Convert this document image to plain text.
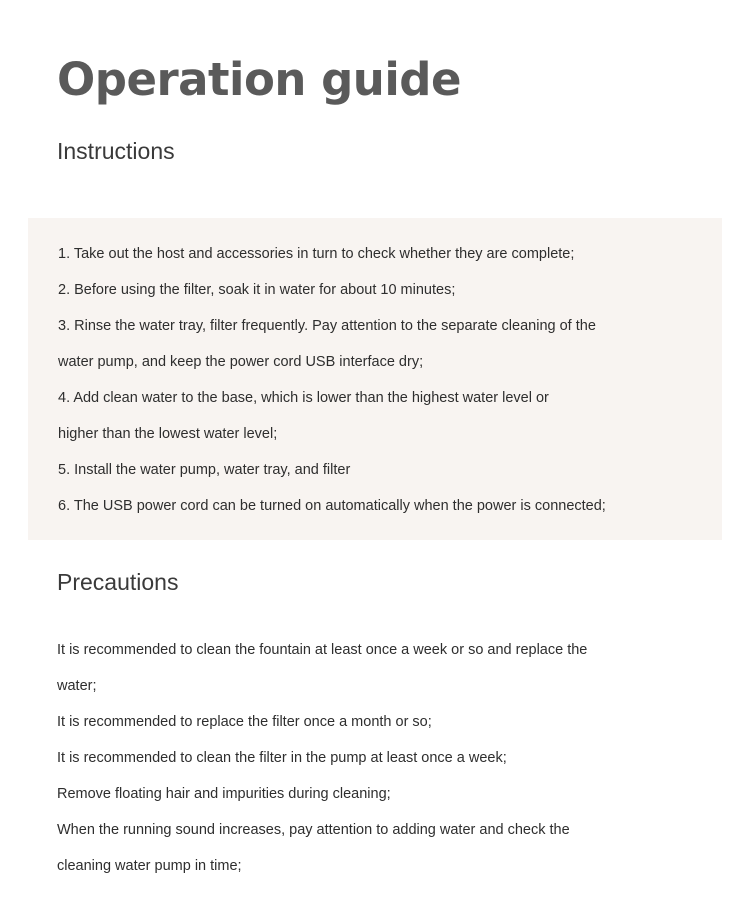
Operation guide
Instructions
1. Take out the host and accessories in turn to check whether they are complete;
2. Before using the filter, soak it in water for about 10 minutes;
3. Rinse the water tray, filter frequently. Pay attention to the separate cleaning of the
water pump, and keep the power cord USB interface dry;
4. Add clean water to the base, which is lower than the highest water level or
higher than the lowest water level;
5. Install the water pump, water tray, and filter
6. The USB power cord can be turned on automatically when the power is connected;
Precautions
It is recommended to clean the fountain at least once a week or so and replace the
water;
It is recommended to replace the filter once a month or so;
It is recommended to clean the filter in the pump at least once a week;
Remove floating hair and impurities during cleaning;
When the running sound increases, pay attention to adding water and check the
cleaning water pump in time;
